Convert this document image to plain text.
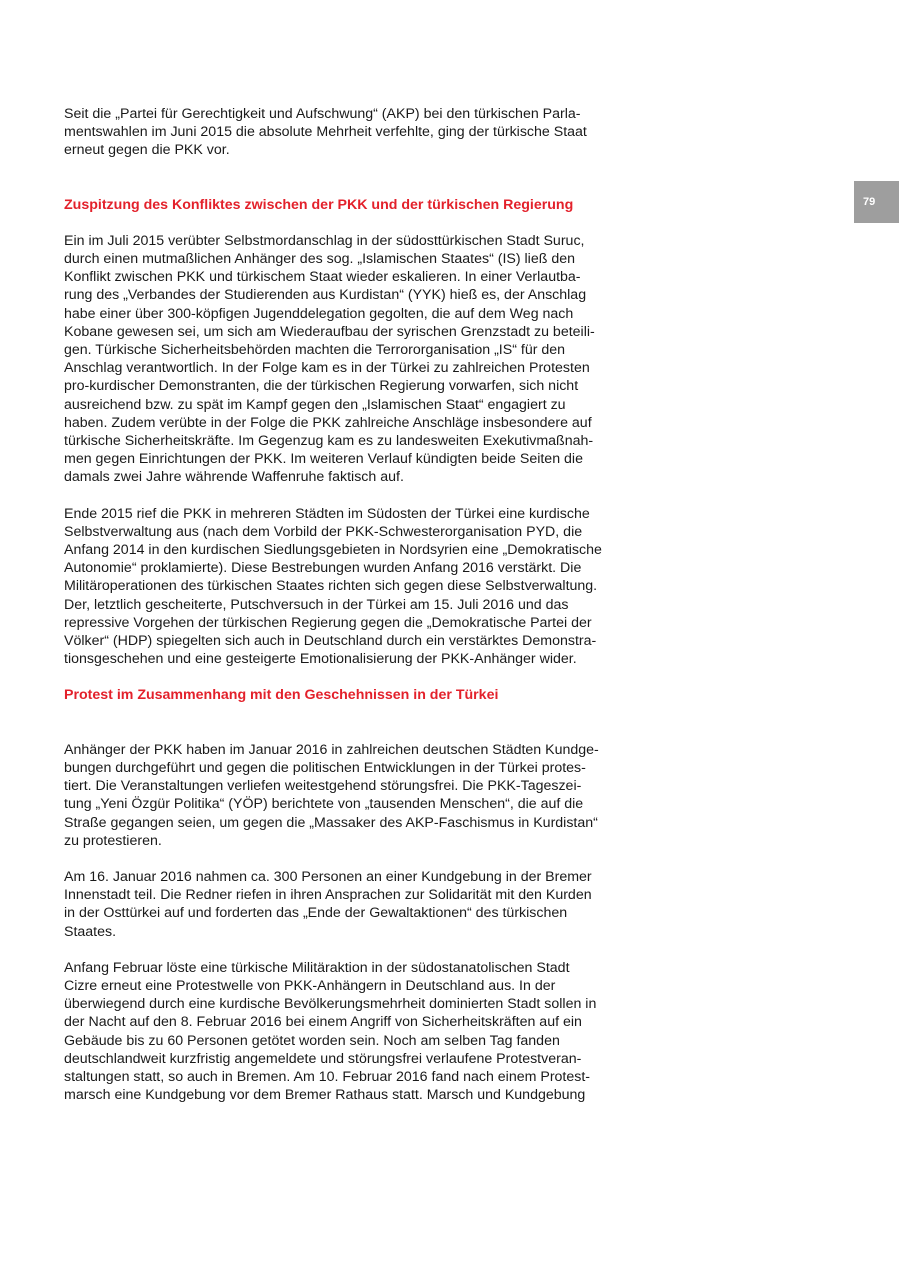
79

Seit die „Partei für Gerechtigkeit und Aufschwung“ (AKP) bei den türkischen Parla-
mentswahlen im Juni 2015 die absolute Mehrheit verfehlte, ging der türkische Staat
erneut gegen die PKK vor.

Zuspitzung des Konfliktes zwischen der PKK und der türkischen Regierung

Ein im Juli 2015 verübter Selbstmordanschlag in der südosttürkischen Stadt Suruc,
durch einen mutmaßlichen Anhänger des sog. „Islamischen Staates“ (IS) ließ den
Konflikt zwischen PKK und türkischem Staat wieder eskalieren. In einer Verlautba-
rung des „Verbandes der Studierenden aus Kurdistan“ (YYK) hieß es, der Anschlag
habe einer über 300-köpfigen Jugenddelegation gegolten, die auf dem Weg nach
Kobane gewesen sei, um sich am Wiederaufbau der syrischen Grenzstadt zu beteili-
gen. Türkische Sicherheitsbehörden machten die Terrororganisation „IS“ für den
Anschlag verantwortlich. In der Folge kam es in der Türkei zu zahlreichen Protesten
pro-kurdischer Demonstranten, die der türkischen Regierung vorwarfen, sich nicht
ausreichend bzw. zu spät im Kampf gegen den „Islamischen Staat“ engagiert zu
haben. Zudem verübte in der Folge die PKK zahlreiche Anschläge insbesondere auf
türkische Sicherheitskräfte. Im Gegenzug kam es zu landesweiten Exekutivmaßnah-
men gegen Einrichtungen der PKK. Im weiteren Verlauf kündigten beide Seiten die
damals zwei Jahre währende Waffenruhe faktisch auf.

Ende 2015 rief die PKK in mehreren Städten im Südosten der Türkei eine kurdische
Selbstverwaltung aus (nach dem Vorbild der PKK-Schwesterorganisation PYD, die
Anfang 2014 in den kurdischen Siedlungsgebieten in Nordsyrien eine „Demokratische
Autonomie“ proklamierte). Diese Bestrebungen wurden Anfang 2016 verstärkt. Die
Militäroperationen des türkischen Staates richten sich gegen diese Selbstverwaltung.
Der, letztlich gescheiterte, Putschversuch in der Türkei am 15. Juli 2016 und das
repressive Vorgehen der türkischen Regierung gegen die „Demokratische Partei der
Völker“ (HDP) spiegelten sich auch in Deutschland durch ein verstärktes Demonstra-
tionsgeschehen und eine gesteigerte Emotionalisierung der PKK-Anhänger wider.

Protest im Zusammenhang mit den Geschehnissen in der Türkei

Anhänger der PKK haben im Januar 2016 in zahlreichen deutschen Städten Kundge-
bungen durchgeführt und gegen die politischen Entwicklungen in der Türkei protes-
tiert. Die Veranstaltungen verliefen weitestgehend störungsfrei. Die PKK-Tageszei-
tung „Yeni Özgür Politika“ (YÖP) berichtete von „tausenden Menschen“, die auf die
Straße gegangen seien, um gegen die „Massaker des AKP-Faschismus in Kurdistan“
zu protestieren.

Am 16. Januar 2016 nahmen ca. 300 Personen an einer Kundgebung in der Bremer
Innenstadt teil. Die Redner riefen in ihren Ansprachen zur Solidarität mit den Kurden
in der Osttürkei auf und forderten das „Ende der Gewaltaktionen“ des türkischen
Staates.

Anfang Februar löste eine türkische Militäraktion in der südostanatolischen Stadt
Cizre erneut eine Protestwelle von PKK-Anhängern in Deutschland aus. In der
überwiegend durch eine kurdische Bevölkerungsmehrheit dominierten Stadt sollen in
der Nacht auf den 8. Februar 2016 bei einem Angriff von Sicherheitskräften auf ein
Gebäude bis zu 60 Personen getötet worden sein. Noch am selben Tag fanden
deutschlandweit kurzfristig angemeldete und störungsfrei verlaufene Protestveran-
staltungen statt, so auch in Bremen. Am 10. Februar 2016 fand nach einem Protest-
marsch eine Kundgebung vor dem Bremer Rathaus statt. Marsch und Kundgebung
